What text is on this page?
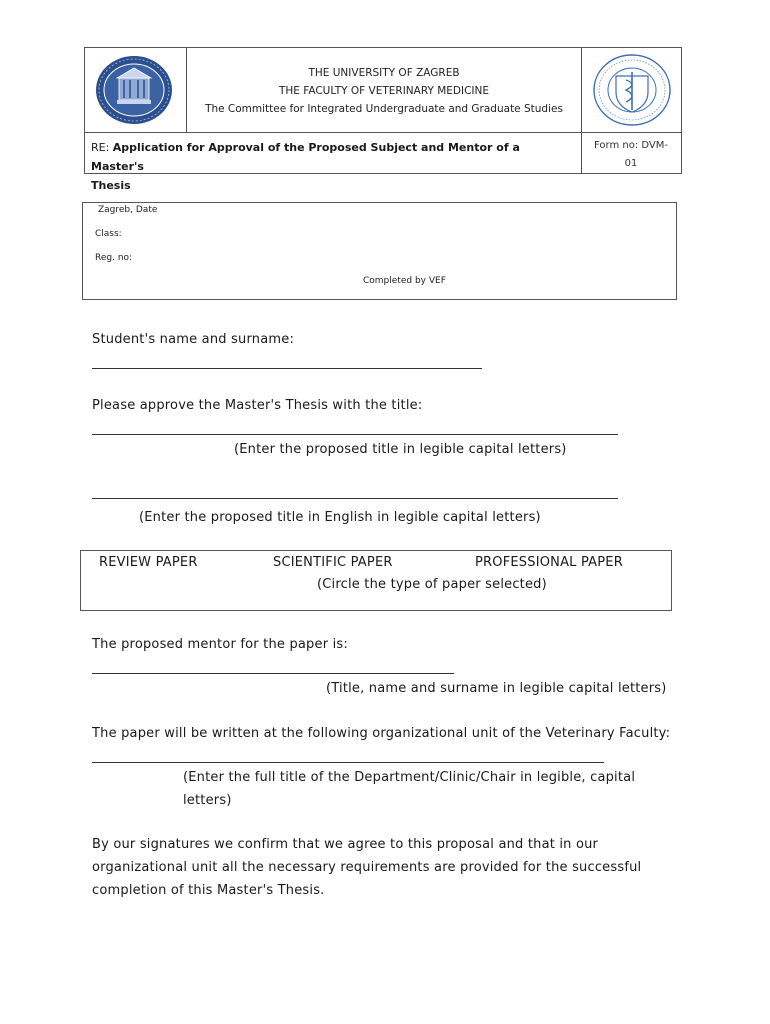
THE UNIVERSITY OF ZAGREB
THE FACULTY OF VETERINARY MEDICINE
The Committee for Integrated Undergraduate and Graduate Studies
RE: Application for Approval of the Proposed Subject and Mentor of a Master's
Thesis
Form no: DVM-
01
Zagreb, Date
Class:
Reg. no:
Completed by VEF
Student's name and surname:
Please approve the Master's Thesis with the title:
(Enter the proposed title in legible capital letters)
(Enter the proposed title in English in legible capital letters)
REVIEW PAPER	SCIENTIFIC PAPER	PROFESSIONAL PAPER
(Circle the type of paper selected)
The proposed mentor for the paper is:
(Title, name and surname in legible capital letters)
The paper will be written at the following organizational unit of the Veterinary Faculty:
(Enter the full title of the Department/Clinic/Chair in legible, capital
letters)
By our signatures we confirm that we agree to this proposal and that in our
organizational unit all the necessary requirements are provided for the successful
completion of this Master's Thesis.
